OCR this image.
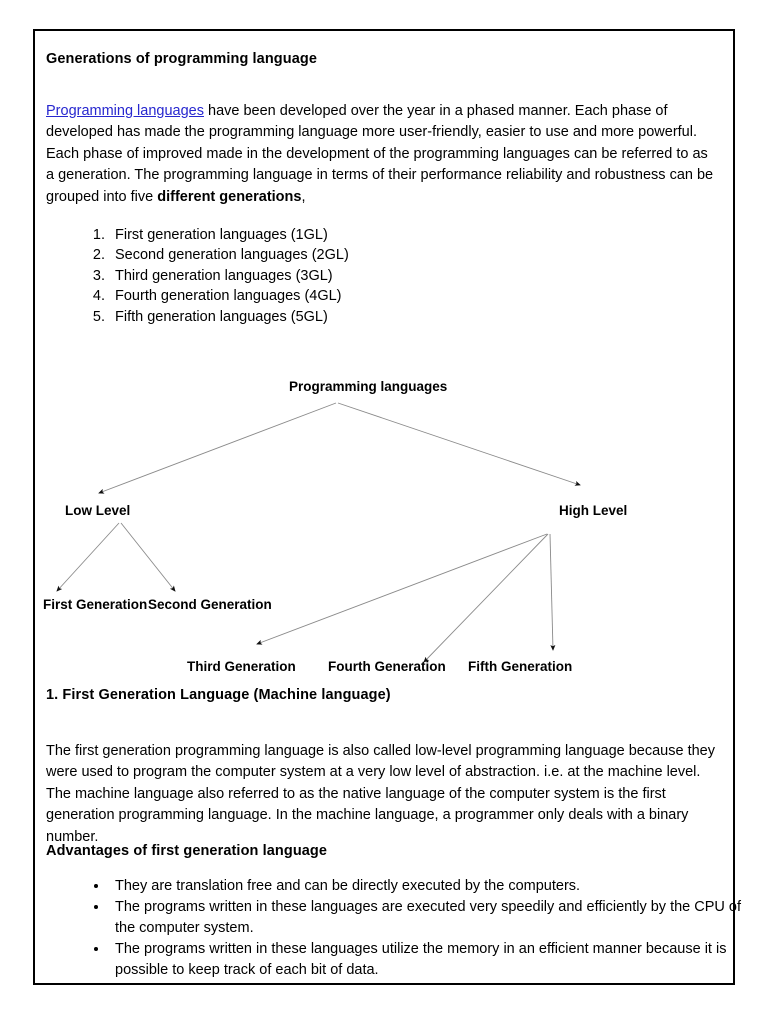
Generations of programming language

Programming languages have been developed over the year in a phased manner. Each phase of developed has made the programming language more user-friendly, easier to use and more powerful. Each phase of improved made in the development of the programming languages can be referred to as a generation. The programming language in terms of their performance reliability and robustness can be grouped into five different generations,

1. First generation languages (1GL)
2. Second generation languages (2GL)
3. Third generation languages (3GL)
4. Fourth generation languages (4GL)
5. Fifth generation languages (5GL)
Programming languages
Low Level	High Level
First Generation Second Generation
Third Generation Fourth Generation Fifth Generation
1. First Generation Language (Machine language)

The first generation programming language is also called low-level programming language because they were used to program the computer system at a very low level of abstraction. i.e. at the machine level. The machine language also referred to as the native language of the computer system is the first generation programming language. In the machine language, a programmer only deals with a binary number.

Advantages of first generation language
• They are translation free and can be directly executed by the computers.
• The programs written in these languages are executed very speedily and efficiently by the CPU of the computer system.
• The programs written in these languages utilize the memory in an efficient manner because it is possible to keep track of each bit of data.
